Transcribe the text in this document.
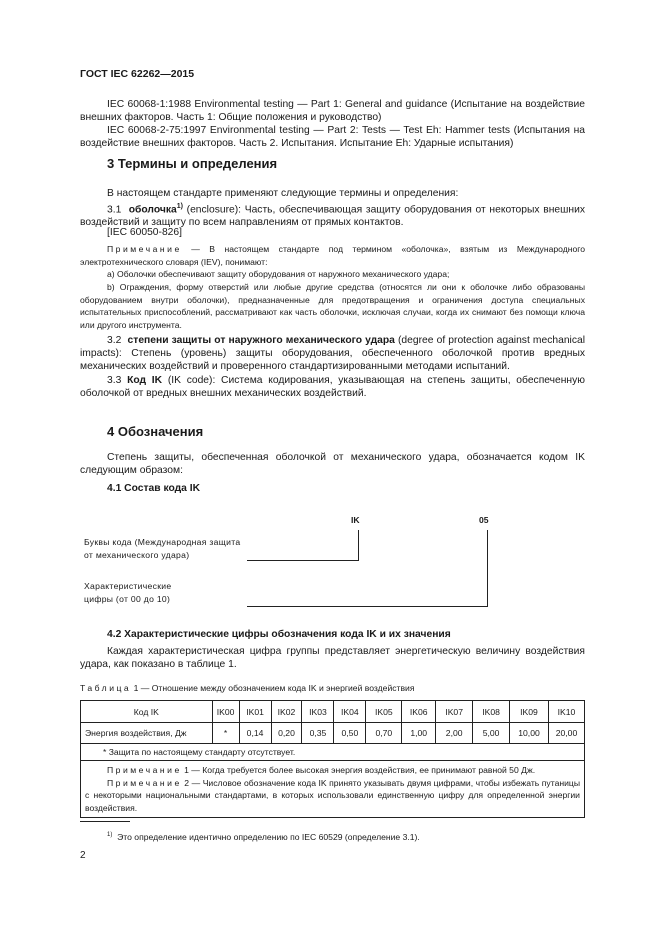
ГОСТ IEC 62262—2015
IEC 60068-1:1988 Environmental testing — Part 1: General and guidance (Испытание на воздействие внешних факторов. Часть 1: Общие положения и руководство)
IEC 60068-2-75:1997 Environmental testing — Part 2: Tests — Test Eh: Hammer tests (Испытания на воздействие внешних факторов. Часть 2. Испытания. Испытание Eh: Ударные испытания)
3 Термины и определения
В настоящем стандарте применяют следующие термины и определения:
3.1 оболочка$^{1)}$ (enclosure): Часть, обеспечивающая защиту оборудования от некоторых внешних воздействий и защиту по всем направлениям от прямых контактов.
[IEC 60050-826]
Примечание — В настоящем стандарте под термином «оболочка», взятым из Международного электротехнического словаря (IEV), понимают:
a) Оболочки обеспечивают защиту оборудования от наружного механического удара;
b) Ограждения, форму отверстий или любые другие средства (относятся ли они к оболочке либо образованы оборудованием внутри оболочки), предназначенные для предотвращения и ограничения доступа специальных испытательных приспособлений, рассматривают как часть оболочки, исключая случаи, когда их снимают без помощи ключа или другого инструмента.
3.2 степени защиты от наружного механического удара (degree of protection against mechanical impacts): Степень (уровень) защиты оборудования, обеспеченного оболочкой против вредных механических воздействий и проверенного стандартизированными методами испытаний.
3.3 Код IK (IK code): Система кодирования, указывающая на степень защиты, обеспеченную оболочкой от вредных внешних механических воздействий.
4 Обозначения
Степень защиты, обеспеченная оболочкой от механического удара, обозначается кодом IK следующим образом:
4.1 Состав кода IK
IK	05
Буквы кода (Международная защита от механического удара)
Характеристические цифры (от 00 до 10)
4.2 Характеристические цифры обозначения кода IK и их значения
Каждая характеристическая цифра группы представляет энергетическую величину воздействия удара, как показано в таблице 1.
Таблица 1 — Отношение между обозначением кода IK и энергией воздействия
Код IK	IK00	IK01	IK02	IK03	IK04	IK05	IK06	IK07	IK08	IK09	IK10
Энергия воздействия, Дж	*	0,14	0,20	0,35	0,50	0,70	1,00	2,00	5,00	10,00	20,00
* Защита по настоящему стандарту отсутствует.											

Примечание 1 — Когда требуется более высокая энергия воздействия, ее принимают равной 50 Дж.
Примечание 2 — Числовое обозначение кода IK принято указывать двумя цифрами, чтобы избежать путаницы с некоторыми национальными стандартами, в которых использовали единственную цифру для определенной энергии воздействия.											
$^{1)}$ Это определение идентично определению по IEC 60529 (определение 3.1).
2
